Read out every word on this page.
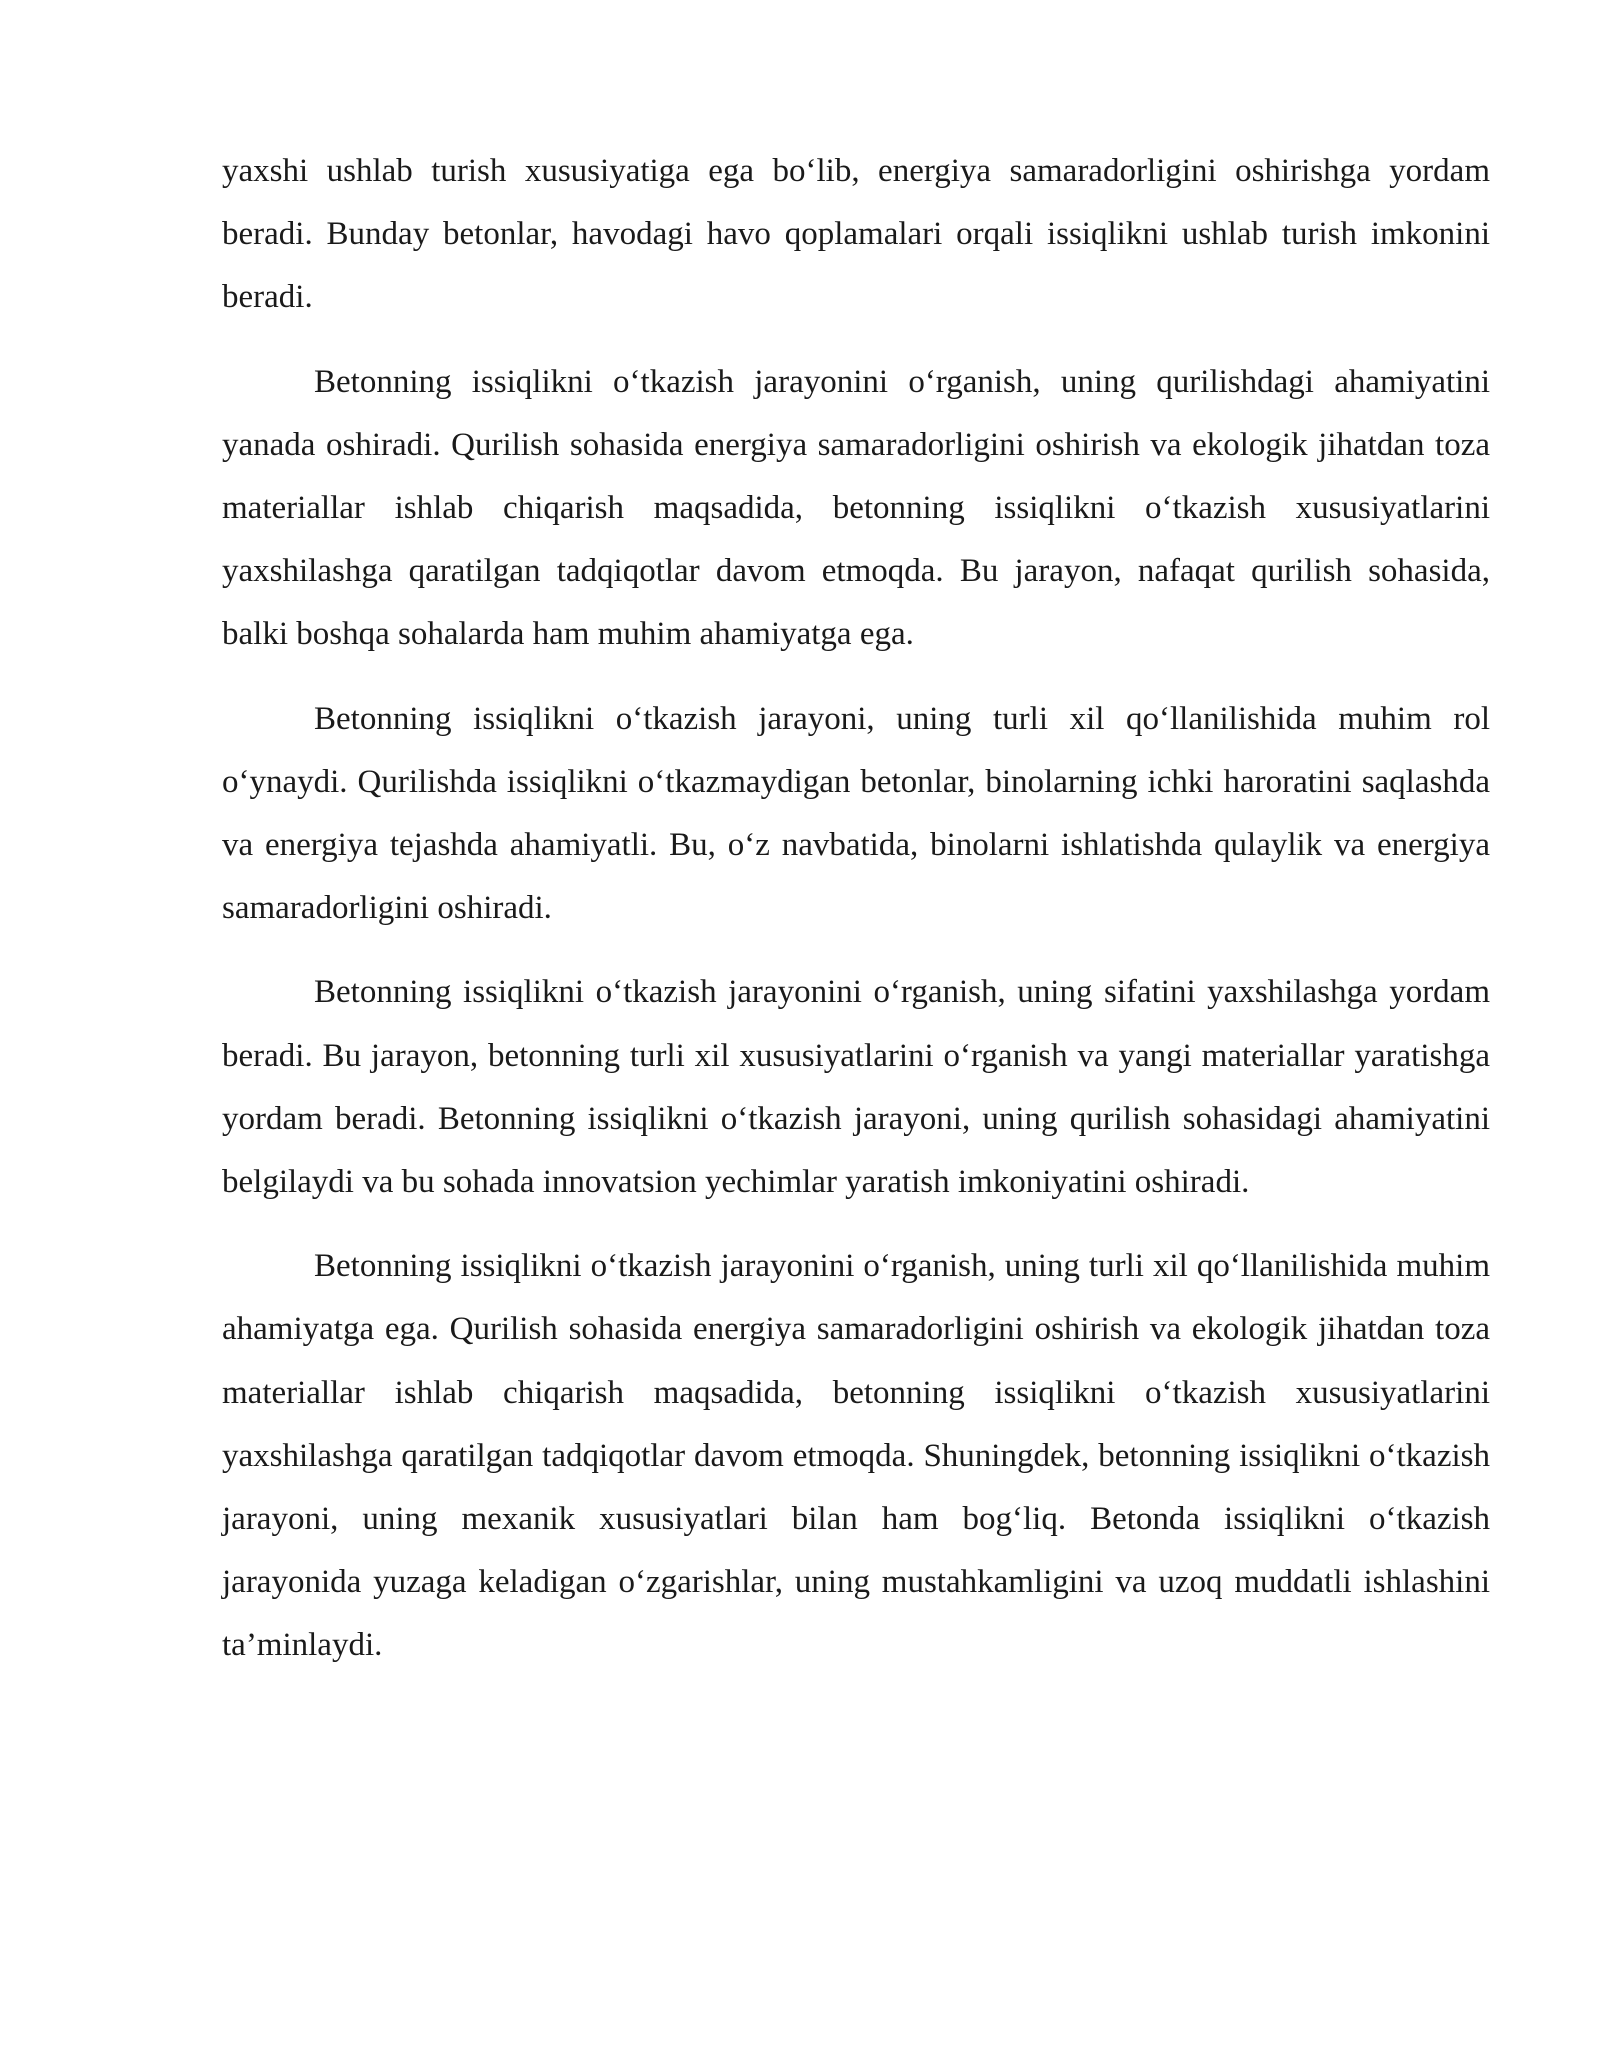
yaxshi ushlab turish xususiyatiga ega bo‘lib, energiya samaradorligini oshirishga yordam beradi. Bunday betonlar, havodagi havo qoplamalari orqali issiqlikni ushlab turish imkonini beradi.

Betonning issiqlikni o‘tkazish jarayonini o‘rganish, uning qurilishdagi ahamiyatini yanada oshiradi. Qurilish sohasida energiya samaradorligini oshirish va ekologik jihatdan toza materiallar ishlab chiqarish maqsadida, betonning issiqlikni o‘tkazish xususiyatlarini yaxshilashga qaratilgan tadqiqotlar davom etmoqda. Bu jarayon, nafaqat qurilish sohasida, balki boshqa sohalarda ham muhim ahamiyatga ega.

Betonning issiqlikni o‘tkazish jarayoni, uning turli xil qo‘llanilishida muhim rol o‘ynaydi. Qurilishda issiqlikni o‘tkazmaydigan betonlar, binolarning ichki haroratini saqlashda va energiya tejashda ahamiyatli. Bu, o‘z navbatida, binolarni ishlatishda qulaylik va energiya samaradorligini oshiradi.

Betonning issiqlikni o‘tkazish jarayonini o‘rganish, uning sifatini yaxshilashga yordam beradi. Bu jarayon, betonning turli xil xususiyatlarini o‘rganish va yangi materiallar yaratishga yordam beradi. Betonning issiqlikni o‘tkazish jarayoni, uning qurilish sohasidagi ahamiyatini belgilaydi va bu sohada innovatsion yechimlar yaratish imkoniyatini oshiradi.

Betonning issiqlikni o‘tkazish jarayonini o‘rganish, uning turli xil qo‘llanilishida muhim ahamiyatga ega. Qurilish sohasida energiya samaradorligini oshirish va ekologik jihatdan toza materiallar ishlab chiqarish maqsadida, betonning issiqlikni o‘tkazish xususiyatlarini yaxshilashga qaratilgan tadqiqotlar davom etmoqda. Shuningdek, betonning issiqlikni o‘tkazish jarayoni, uning mexanik xususiyatlari bilan ham bog‘liq. Betonda issiqlikni o‘tkazish jarayonida yuzaga keladigan o‘zgarishlar, uning mustahkamligini va uzoq muddatli ishlashini ta’minlaydi.
